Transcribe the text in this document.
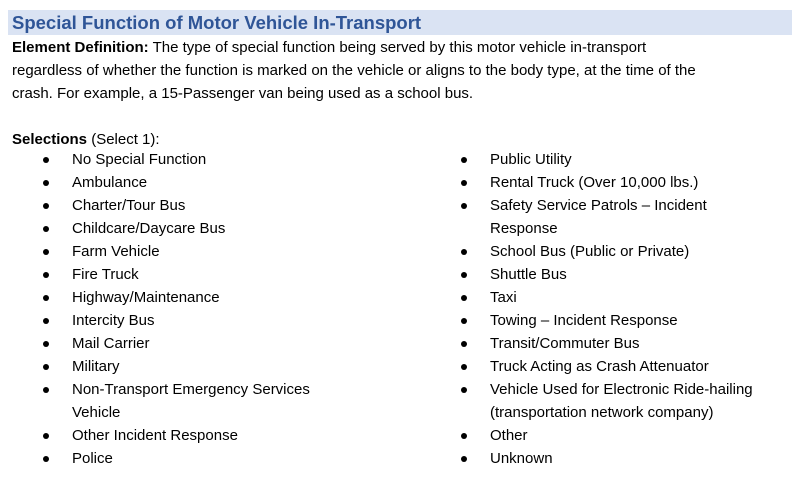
Special Function of Motor Vehicle In-Transport
Element Definition: The type of special function being served by this motor vehicle in-transport
regardless of whether the function is marked on the vehicle or aligns to the body type, at the time of the
crash. For example, a 15-Passenger van being used as a school bus.
Selections (Select 1):
No Special Function
Ambulance
Charter/Tour Bus
Childcare/Daycare Bus
Farm Vehicle
Fire Truck
Highway/Maintenance
Intercity Bus
Mail Carrier
Military
Non-Transport Emergency Services
Vehicle
Other Incident Response
Police
Public Utility
Rental Truck (Over 10,000 lbs.)
Safety Service Patrols – Incident
Response
School Bus (Public or Private)
Shuttle Bus
Taxi
Towing – Incident Response
Transit/Commuter Bus
Truck Acting as Crash Attenuator
Vehicle Used for Electronic Ride-hailing
(transportation network company)
Other
Unknown
